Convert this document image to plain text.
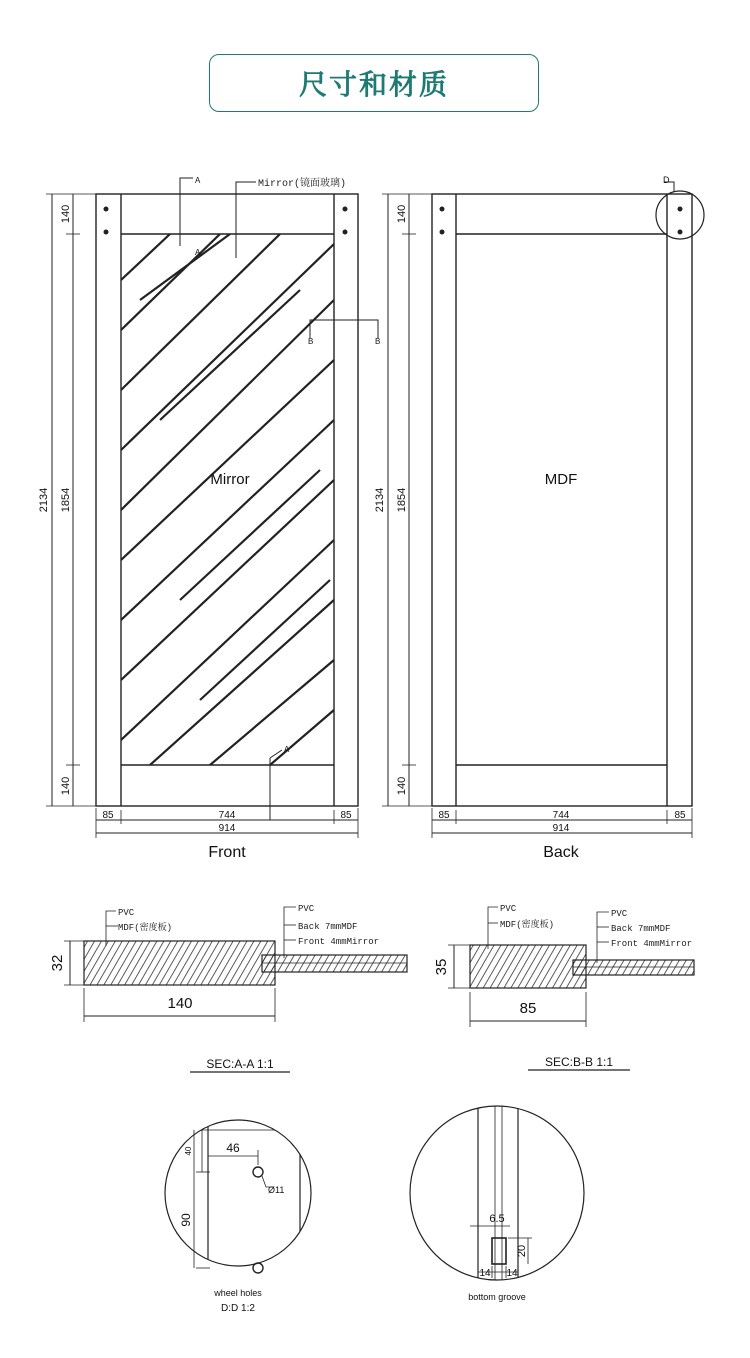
尺寸和材质
Mirror
Front
Mirror(镜面玻璃)
A
A
B	B
A
2134
140
1854
140
85	744	85
914
MDF
Back
D
2134
140
1854
140
85	744	85
914
PVC
MDF(密度板)
PVC
Back 7mmMDF
Front 4mmMirror
32
140
SEC:A-A 1:1
PVC
MDF(密度板)
PVC
Back 7mmMDF
Front 4mmMirror
35
85
SEC:B-B 1:1
46
Ø11
40
90
wheel holes
D:D 1:2
6.5
20
14 14
bottom groove
